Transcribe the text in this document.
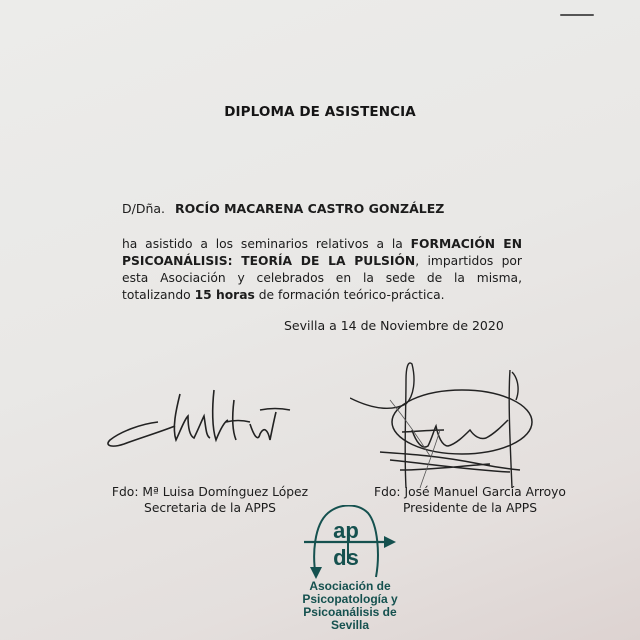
DIPLOMA DE ASISTENCIA
D/Dña. ROCÍO MACARENA CASTRO GONZÁLEZ
ha asistido a los seminarios relativos a la FORMACIÓN EN PSICOANÁLISIS: TEORÍA DE LA PULSIÓN, impartidos por esta Asociación y celebrados en la sede de la misma, totalizando 15 horas de formación teórico-práctica.
Sevilla a 14 de Noviembre de 2020
Fdo: Mª Luisa Domínguez López
Secretaria de la APPS
Fdo: José Manuel García Arroyo
Presidente de la APPS
ap
ds
Asociación de
Psicopatología y
Psicoanálisis de
Sevilla
